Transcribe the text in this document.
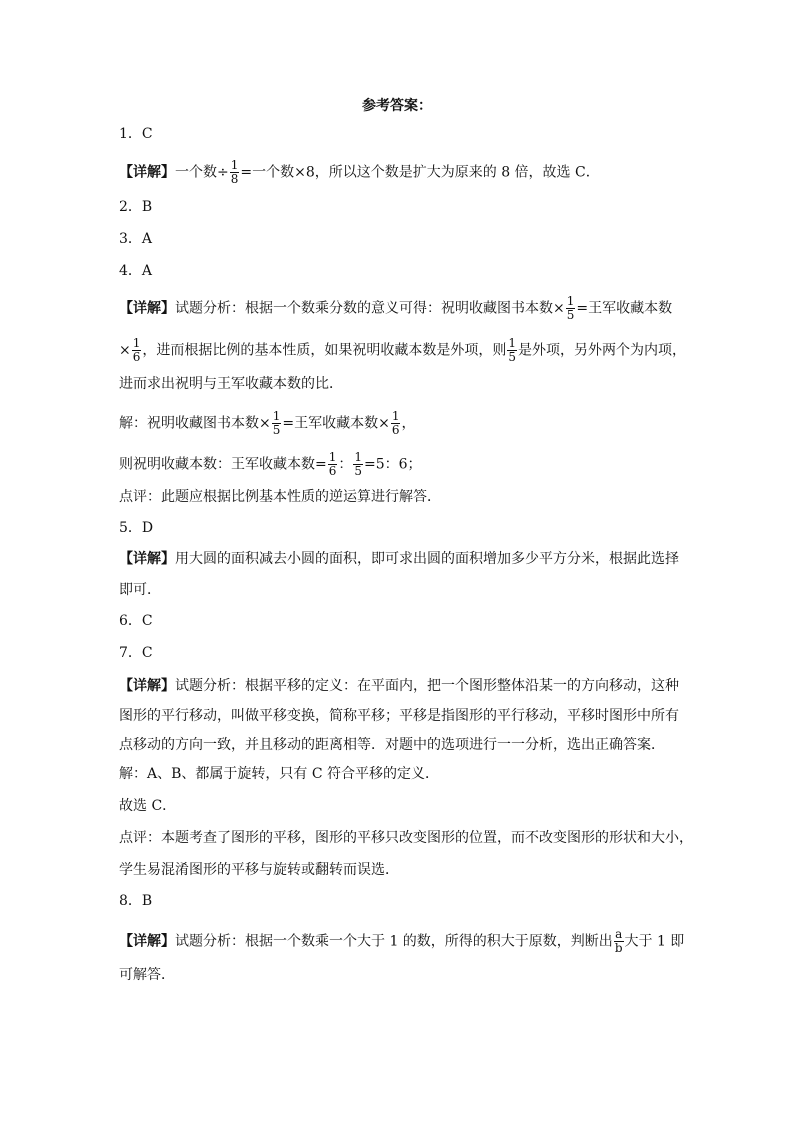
参考答案：
1．C
【详解】一个数÷ $\frac{1}{8}$ =一个数×8，所以这个数是扩大为原来的 8 倍，故选 C．
2．B
3．A
4．A
【详解】试题分析：根据一个数乘分数的意义可得：祝明收藏图书本数× $\frac{1}{5}$ =王军收藏本数
× $\frac{1}{6}$ ，进而根据比例的基本性质，如果祝明收藏本数是外项，则 $\frac{1}{5}$ 是外项，另外两个为内项，
进而求出祝明与王军收藏本数的比．
解：祝明收藏图书本数× $\frac{1}{5}$ =王军收藏本数× $\frac{1}{6}$ ，
则祝明收藏本数：王军收藏本数= $\frac{1}{6}$ ： $\frac{1}{5} =5$：6；
点评：此题应根据比例基本性质的逆运算进行解答．
5．D
【详解】用大圆的面积减去小圆的面积，即可求出圆的面积增加多少平方分米，根据此选择
即可．
6．C
7．C
【详解】试题分析：根据平移的定义：在平面内，把一个图形整体沿某一的方向移动，这种
图形的平行移动，叫做平移变换，简称平移；平移是指图形的平行移动，平移时图形中所有
点移动的方向一致，并且移动的距离相等．对题中的选项进行一一分析，选出正确答案．
解：A、B、都属于旋转，只有 C 符合平移的定义．
故选 C．
点评：本题考查了图形的平移，图形的平移只改变图形的位置，而不改变图形的形状和大小，
学生易混淆图形的平移与旋转或翻转而误选．
8．B
【详解】试题分析：根据一个数乘一个大于 1 的数，所得的积大于原数，判断出 $\frac{a}{b}$ 大于 1 即
可解答．
